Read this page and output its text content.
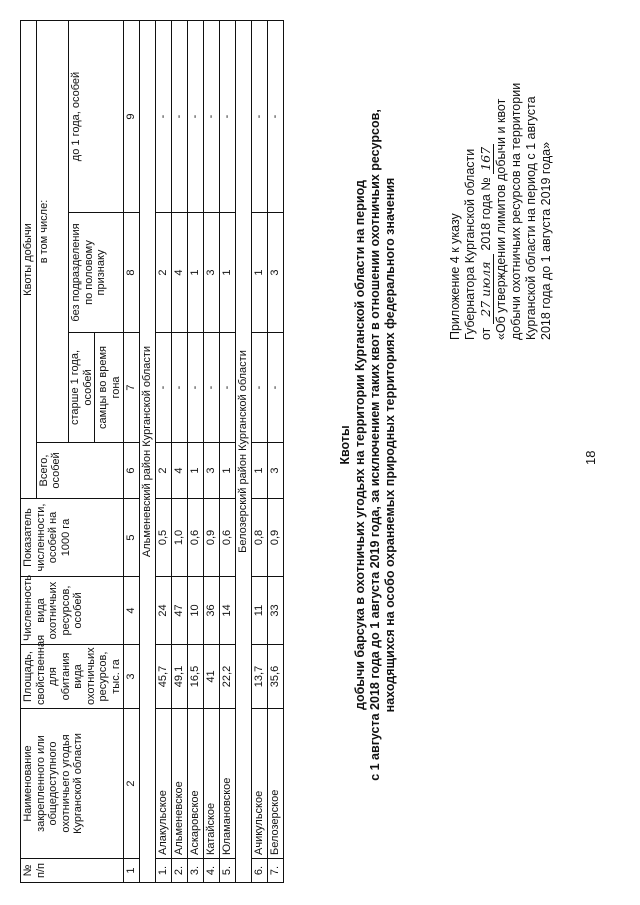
18
Приложение 4 к указу Губернатора Курганской области от 27 июля 2018 года № 167 «Об утверждении лимитов добычи и квот добычи охотничьих ресурсов на территории Курганской области на период с 1 августа 2018 года до 1 августа 2019 года»
Квоты добычи барсука в охотничьих угодьях на территории Курганской области на период с 1 августа 2018 года до 1 августа 2019 года, за исключением таких квот в отношении охотничьих ресурсов, находящихся на особо охраняемых природных территориях федерального значения
№ п/п	Наименование закрепленного или общедоступного охотничьего угодья Курганской области	Площадь, свойственная для обитания вида охотничьих ресурсов, тыс. га	Численность вида охотничьих ресурсов, особей	Показатель численности, особей на 1000 га	Квоты добычи			
					Всего, особей	в том числе:		

						старше 1 года, особей самцы во время гона	без подразделения по половому признаку	до 1 года, особей
1	2	3	4	5	6	7	8	9
Альменевский район Курганской области								
1.	Алакульское	45,7	24	0,5	2	-	2	-
2.	Альменевское	49,1	47	1,0	4	-	4	-
3.	Аскаровское	16,5	10	0,6	1	-	1	-
4.	Катайское	41	36	0,9	3	-	3	-
5.	Юламановское	22,2	14	0,6	1	-	1	-
Белозерский район Курганской области								
6.	Ачикульское	13,7	11	0,8	1	-	1	-
7.	Белозерское	35,6	33	0,9	3	-	3	-
